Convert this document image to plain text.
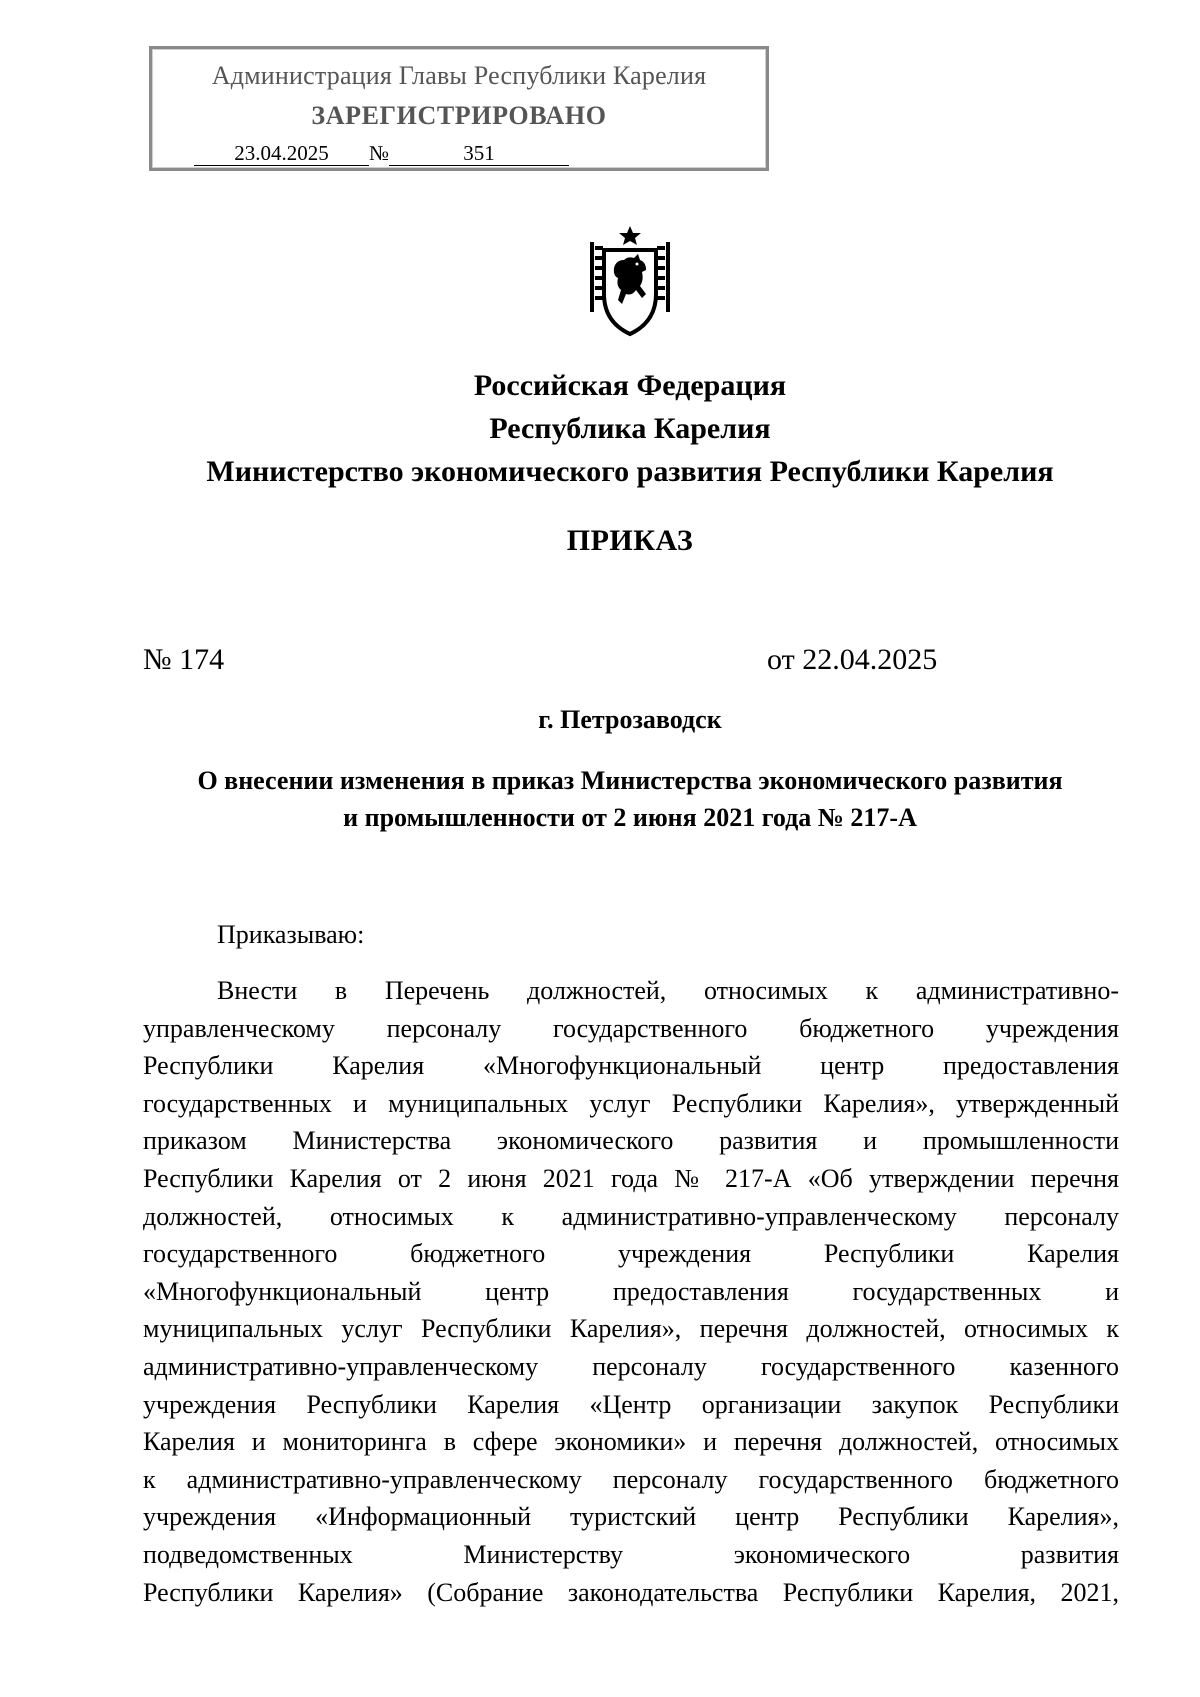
Администрация Главы Республики Карелия
ЗАРЕГИСТРИРОВАНО
23.04.2025 №	351
Российская Федерация
Республика Карелия
Министерство экономического развития Республики Карелия
ПРИКАЗ
№ 174	от 22.04.2025
г. Петрозаводск
О внесении изменения в приказ Министерства экономического развития
и промышленности от 2 июня 2021 года № 217-А
Приказываю:
Внести в Перечень должностей, относимых к административно-
управленческому персоналу государственного бюджетного учреждения
Республики Карелия «Многофункциональный центр предоставления
государственных и муниципальных услуг Республики Карелия», утвержденный
приказом Министерства экономического развития и промышленности
Республики Карелия от 2 июня 2021 года № 217-А «Об утверждении перечня
должностей, относимых к административно-управленческому персоналу
государственного бюджетного учреждения Республики Карелия
«Многофункциональный центр предоставления государственных и
муниципальных услуг Республики Карелия», перечня должностей, относимых к
административно-управленческому персоналу государственного казенного
учреждения Республики Карелия «Центр организации закупок Республики
Карелия и мониторинга в сфере экономики» и перечня должностей, относимых
к административно-управленческому персоналу государственного бюджетного
учреждения «Информационный туристский центр Республики Карелия»,
подведомственных Министерству экономического развития
Республики Карелия» (Собрание законодательства Республики Карелия, 2021,
